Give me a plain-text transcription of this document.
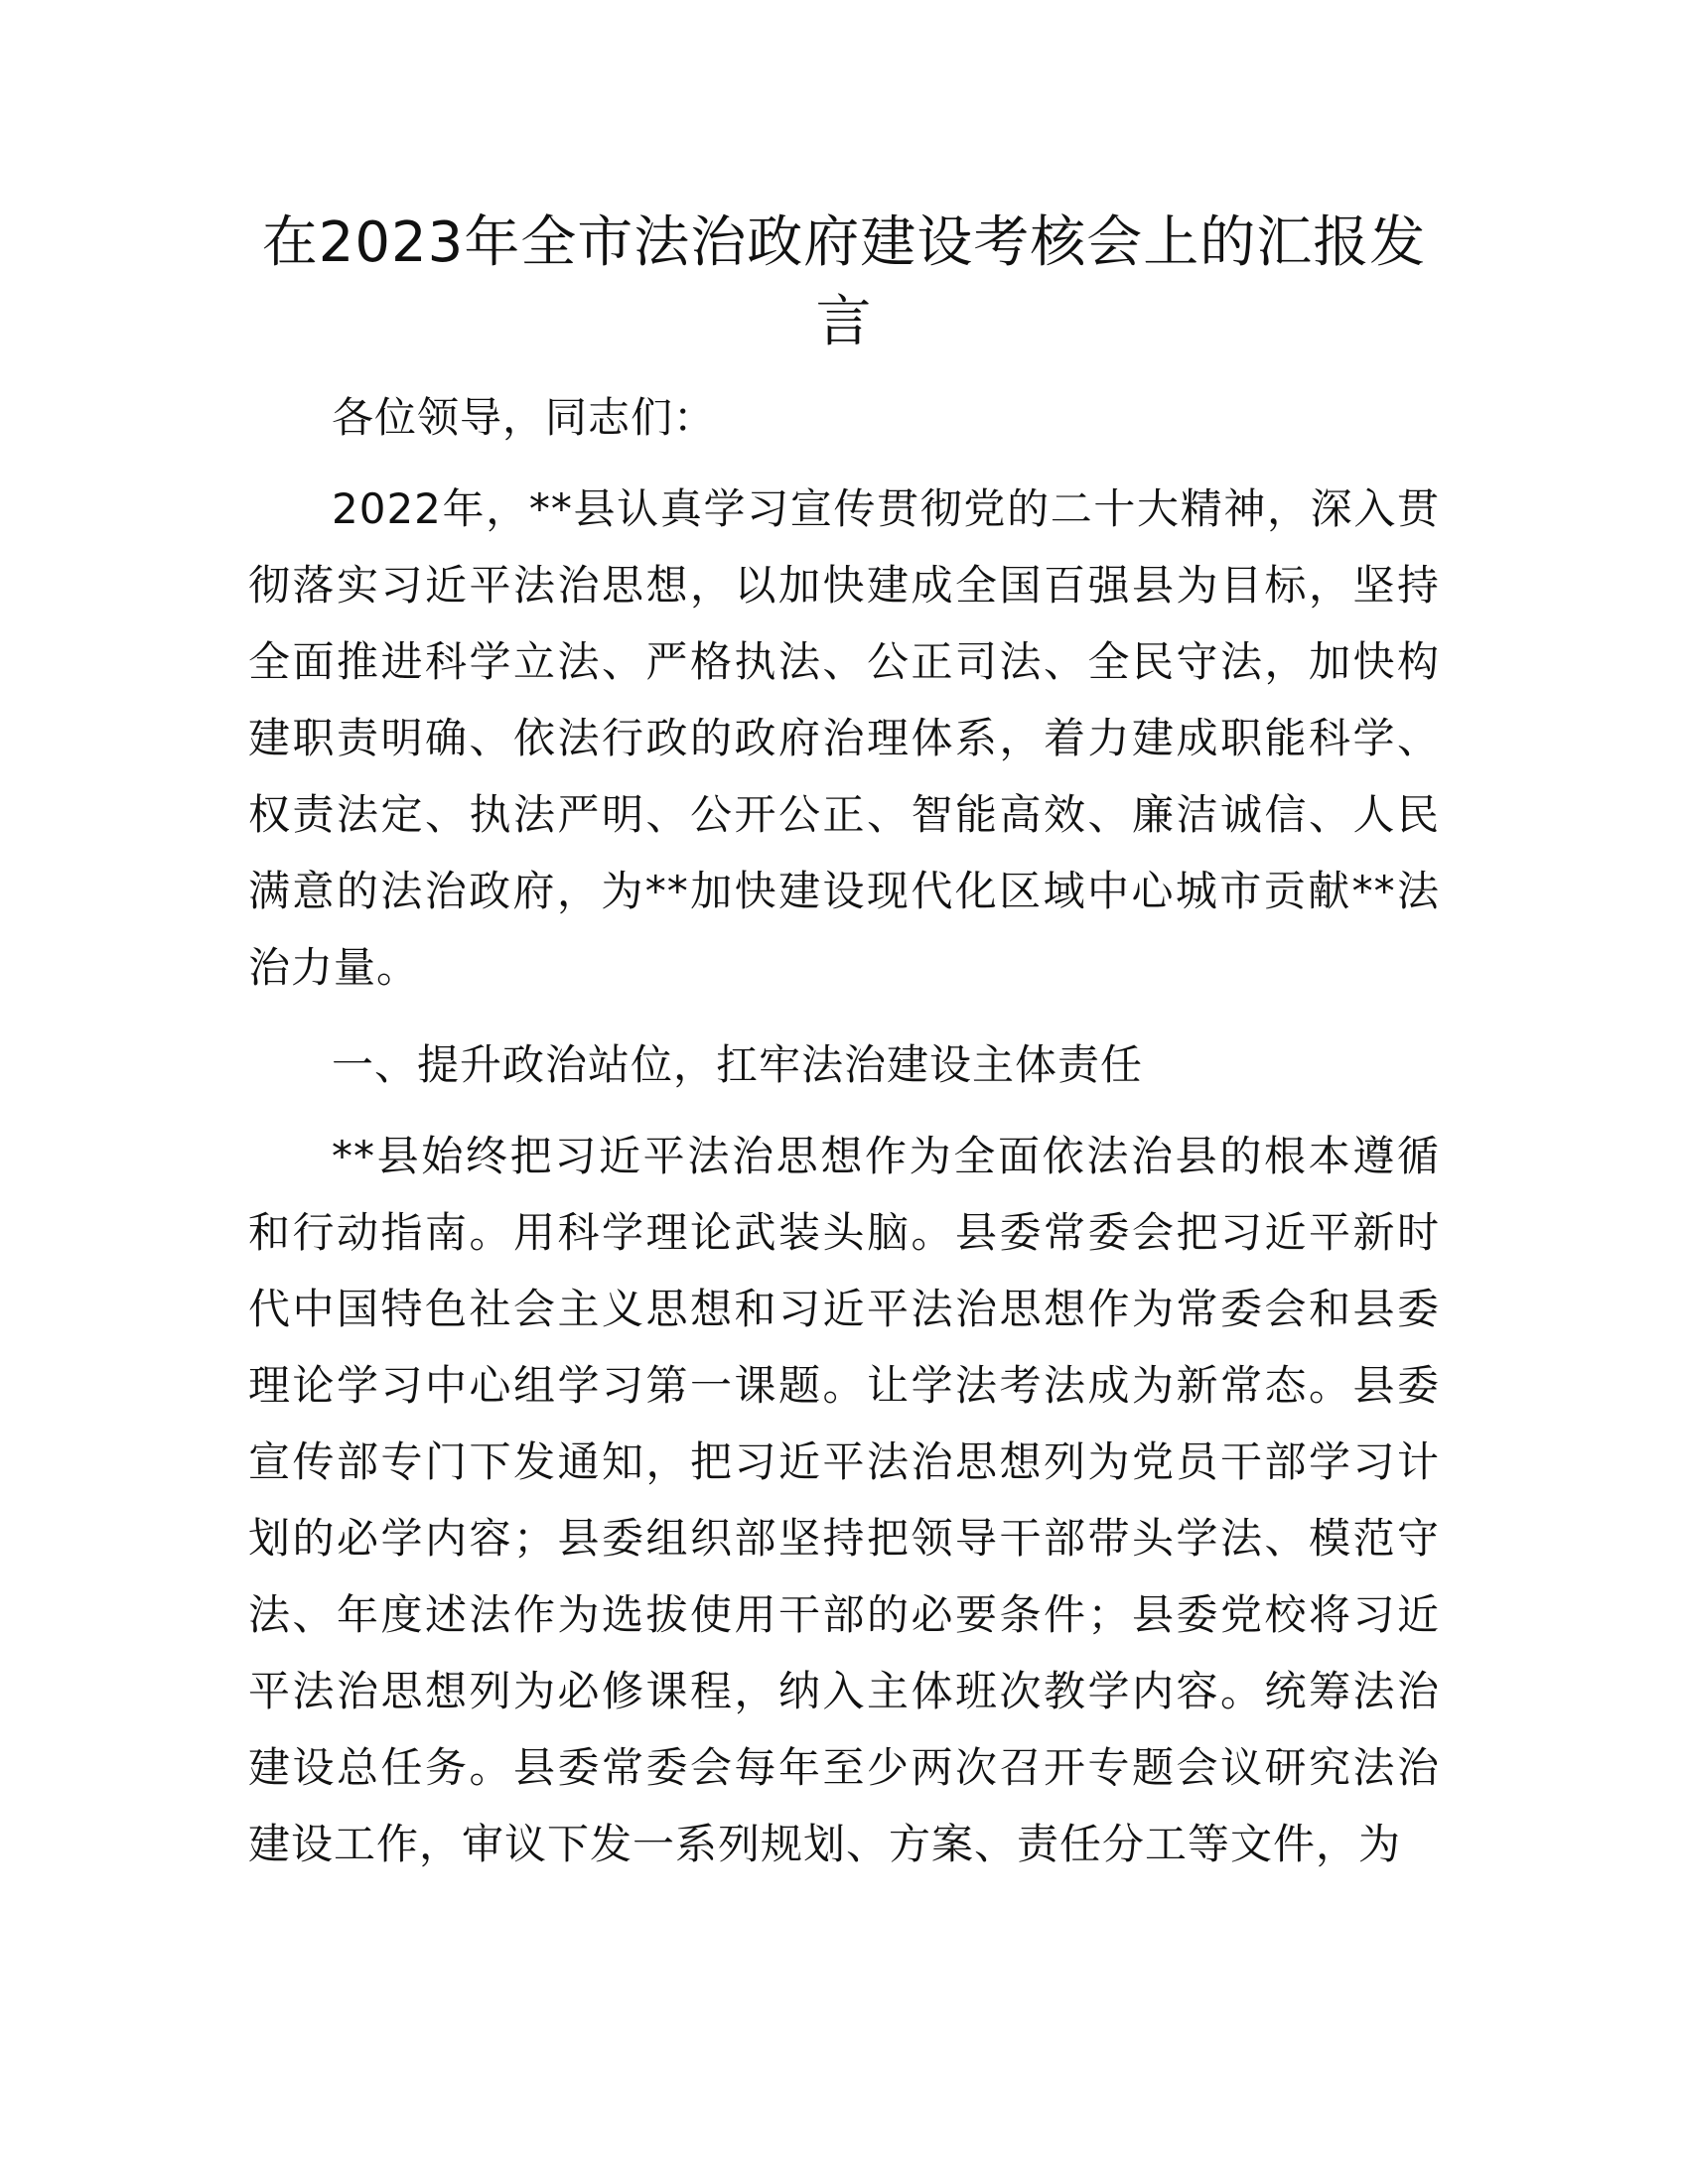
在2023年全市法治政府建设考核会上的汇报发言

各位领导，同志们：

2022年，**县认真学习宣传贯彻党的二十大精神，深入贯彻落实习近平法治思想，以加快建成全国百强县为目标，坚持全面推进科学立法、严格执法、公正司法、全民守法，加快构建职责明确、依法行政的政府治理体系，着力建成职能科学、权责法定、执法严明、公开公正、智能高效、廉洁诚信、人民满意的法治政府，为**加快建设现代化区域中心城市贡献**法治力量。

一、提升政治站位，扛牢法治建设主体责任

**县始终把习近平法治思想作为全面依法治县的根本遵循和行动指南。用科学理论武装头脑。县委常委会把习近平新时代中国特色社会主义思想和习近平法治思想作为常委会和县委理论学习中心组学习第一课题。让学法考法成为新常态。县委宣传部专门下发通知，把习近平法治思想列为党员干部学习计划的必学内容；县委组织部坚持把领导干部带头学法、模范守法、年度述法作为选拔使用干部的必要条件；县委党校将习近平法治思想列为必修课程，纳入主体班次教学内容。统筹法治建设总任务。县委常委会每年至少两次召开专题会议研究法治建设工作，审议下发一系列规划、方案、责任分工等文件，为
